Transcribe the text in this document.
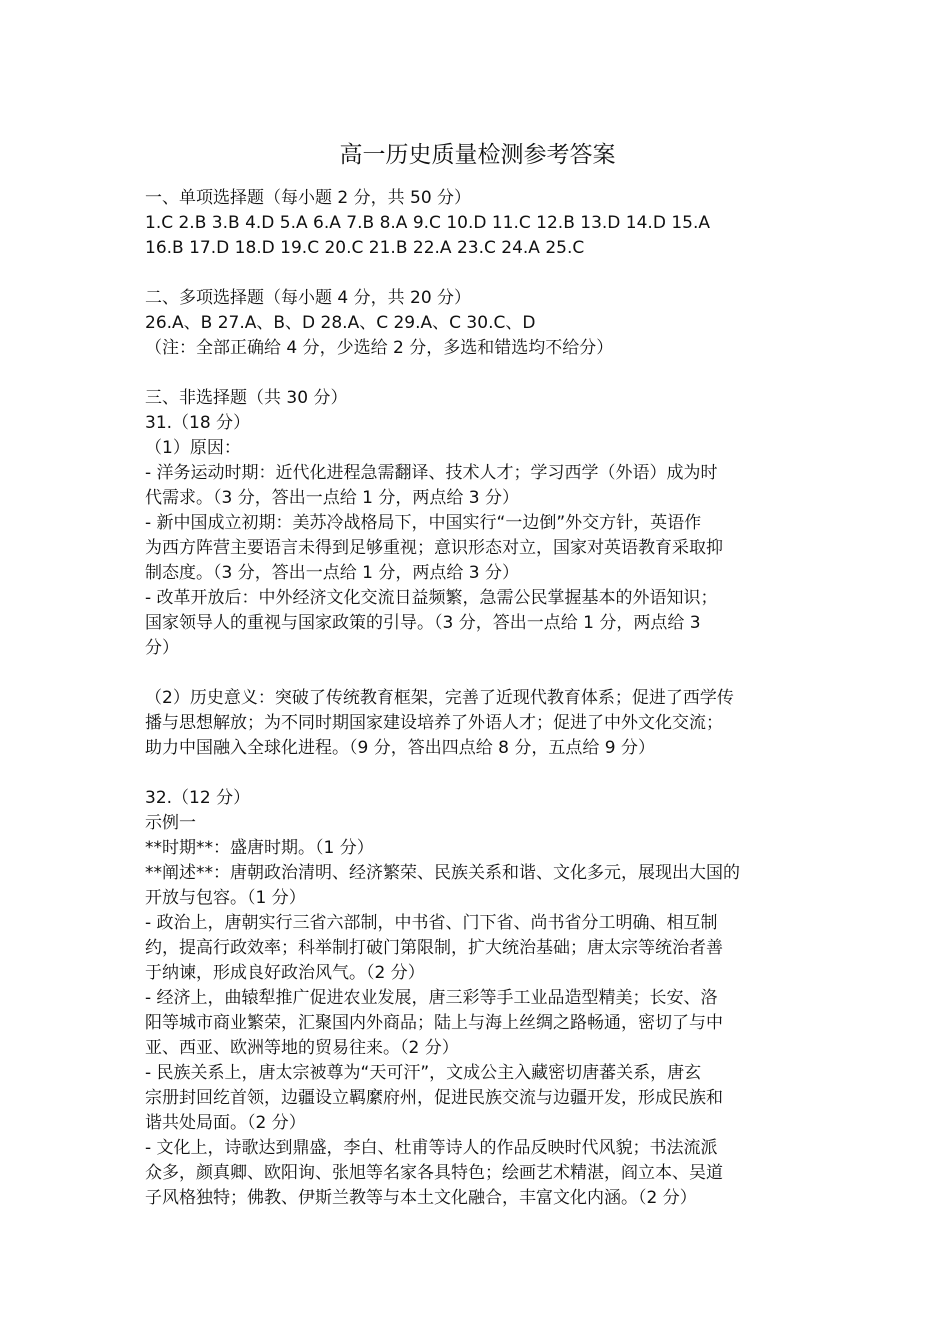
高一历史质量检测参考答案
一、单项选择题（每小题 2 分，共 50 分）
1.C 2.B 3.B 4.D 5.A 6.A 7.B 8.A 9.C 10.D 11.C 12.B 13.D 14.D 15.A
16.B 17.D 18.D 19.C 20.C 21.B 22.A 23.C 24.A 25.C
二、多项选择题（每小题 4 分，共 20 分）
26.A、B 27.A、B、D 28.A、C 29.A、C 30.C、D
（注：全部正确给 4 分，少选给 2 分，多选和错选均不给分）
三、非选择题（共 30 分）
31.（18 分）
（1）原因：
- 洋务运动时期：近代化进程急需翻译、技术人才；学习西学（外语）成为时
代需求。（3 分，答出一点给 1 分，两点给 3 分）
- 新中国成立初期：美苏冷战格局下，中国实行“一边倒”外交方针，英语作
为西方阵营主要语言未得到足够重视；意识形态对立，国家对英语教育采取抑
制态度。（3 分，答出一点给 1 分，两点给 3 分）
- 改革开放后：中外经济文化交流日益频繁，急需公民掌握基本的外语知识；
国家领导人的重视与国家政策的引导。（3 分，答出一点给 1 分，两点给 3
分）
（2）历史意义：突破了传统教育框架，完善了近现代教育体系；促进了西学传
播与思想解放；为不同时期国家建设培养了外语人才；促进了中外文化交流；
助力中国融入全球化进程。（9 分，答出四点给 8 分，五点给 9 分）
32.（12 分）
示例一
**时期**：盛唐时期。（1 分）
**阐述**：唐朝政治清明、经济繁荣、民族关系和谐、文化多元，展现出大国的
开放与包容。（1 分）
- 政治上，唐朝实行三省六部制，中书省、门下省、尚书省分工明确、相互制
约，提高行政效率；科举制打破门第限制，扩大统治基础；唐太宗等统治者善
于纳谏，形成良好政治风气。（2 分）
- 经济上，曲辕犁推广促进农业发展，唐三彩等手工业品造型精美；长安、洛
阳等城市商业繁荣，汇聚国内外商品；陆上与海上丝绸之路畅通，密切了与中
亚、西亚、欧洲等地的贸易往来。（2 分）
- 民族关系上，唐太宗被尊为“天可汗”，文成公主入藏密切唐蕃关系，唐玄
宗册封回纥首领，边疆设立羁縻府州，促进民族交流与边疆开发，形成民族和
谐共处局面。（2 分）
- 文化上，诗歌达到鼎盛，李白、杜甫等诗人的作品反映时代风貌；书法流派
众多，颜真卿、欧阳询、张旭等名家各具特色；绘画艺术精湛，阎立本、吴道
子风格独特；佛教、伊斯兰教等与本土文化融合，丰富文化内涵。（2 分）
